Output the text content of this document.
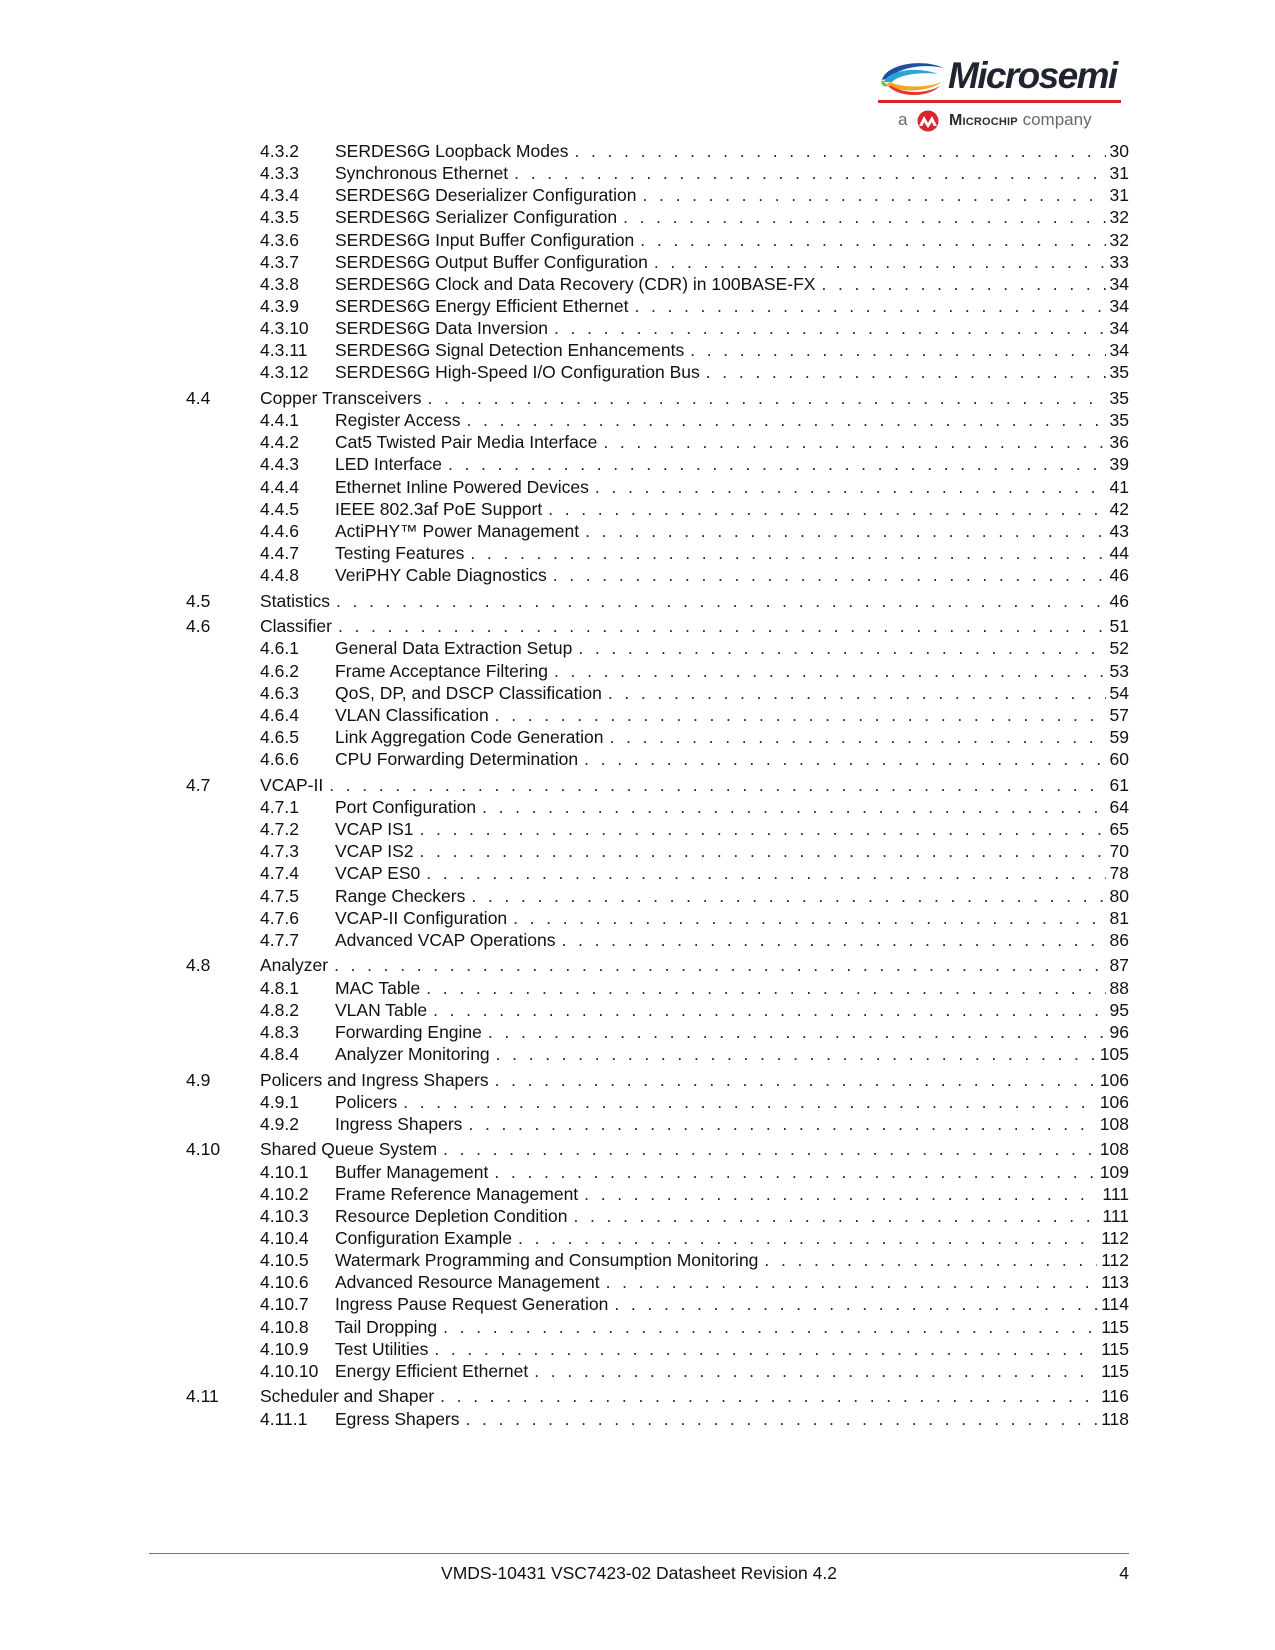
Microsemi
a	Microchip company
4.3.2	SERDES6G Loopback Modes . . .	30
4.3.3	Synchronous Ethernet . . .	31
4.3.4	SERDES6G Deserializer Configuration . . .	31
4.3.5	SERDES6G Serializer Configuration . . .	32
4.3.6	SERDES6G Input Buffer Configuration . . .	32
4.3.7	SERDES6G Output Buffer Configuration . . .	33
4.3.8	SERDES6G Clock and Data Recovery (CDR) in 100BASE-FX . . .	34
4.3.9	SERDES6G Energy Efficient Ethernet . . .	34
4.3.10	SERDES6G Data Inversion . . .	34
4.3.11	SERDES6G Signal Detection Enhancements . . .	34
4.3.12	SERDES6G High-Speed I/O Configuration Bus . . .	35
4.4	Copper Transceivers . . .	35
4.4.1	Register Access . . .	35
4.4.2	Cat5 Twisted Pair Media Interface . . .	36
4.4.3	LED Interface . . .	39
4.4.4	Ethernet Inline Powered Devices . . .	41
4.4.5	IEEE 802.3af PoE Support . . .	42
4.4.6	ActiPHY™ Power Management . . .	43
4.4.7	Testing Features . . .	44
4.4.8	VeriPHY Cable Diagnostics . . .	46
4.5	Statistics . . .	46
4.6	Classifier . . .	51
4.6.1	General Data Extraction Setup . . .	52
4.6.2	Frame Acceptance Filtering . . .	53
4.6.3	QoS, DP, and DSCP Classification . . .	54
4.6.4	VLAN Classification . . .	57
4.6.5	Link Aggregation Code Generation . . .	59
4.6.6	CPU Forwarding Determination . . .	60
4.7	VCAP-II . . .	61
4.7.1	Port Configuration . . .	64
4.7.2	VCAP IS1 . . .	65
4.7.3	VCAP IS2 . . .	70
4.7.4	VCAP ES0 . . .	78
4.7.5	Range Checkers . . .	80
4.7.6	VCAP-II Configuration . . .	81
4.7.7	Advanced VCAP Operations . . .	86
4.8	Analyzer . . .	87
4.8.1	MAC Table . . .	88
4.8.2	VLAN Table . . .	95
4.8.3	Forwarding Engine . . .	96
4.8.4	Analyzer Monitoring . . .	105
4.9	Policers and Ingress Shapers . . .	106
4.9.1	Policers . . .	106
4.9.2	Ingress Shapers . . .	108
4.10	Shared Queue System . . .	108
4.10.1	Buffer Management . . .	109
4.10.2	Frame Reference Management . . .	111
4.10.3	Resource Depletion Condition . . .	111
4.10.4	Configuration Example . . .	112
4.10.5	Watermark Programming and Consumption Monitoring . . .	112
4.10.6	Advanced Resource Management . . .	113
4.10.7	Ingress Pause Request Generation . . .	114
4.10.8	Tail Dropping . . .	115
4.10.9	Test Utilities . . .	115
4.10.10 Energy Efficient Ethernet . . .	115
4.11	Scheduler and Shaper . . .	116
4.11.1	Egress Shapers . . .	118
VMDS-10431 VSC7423-02 Datasheet Revision 4.2	4
